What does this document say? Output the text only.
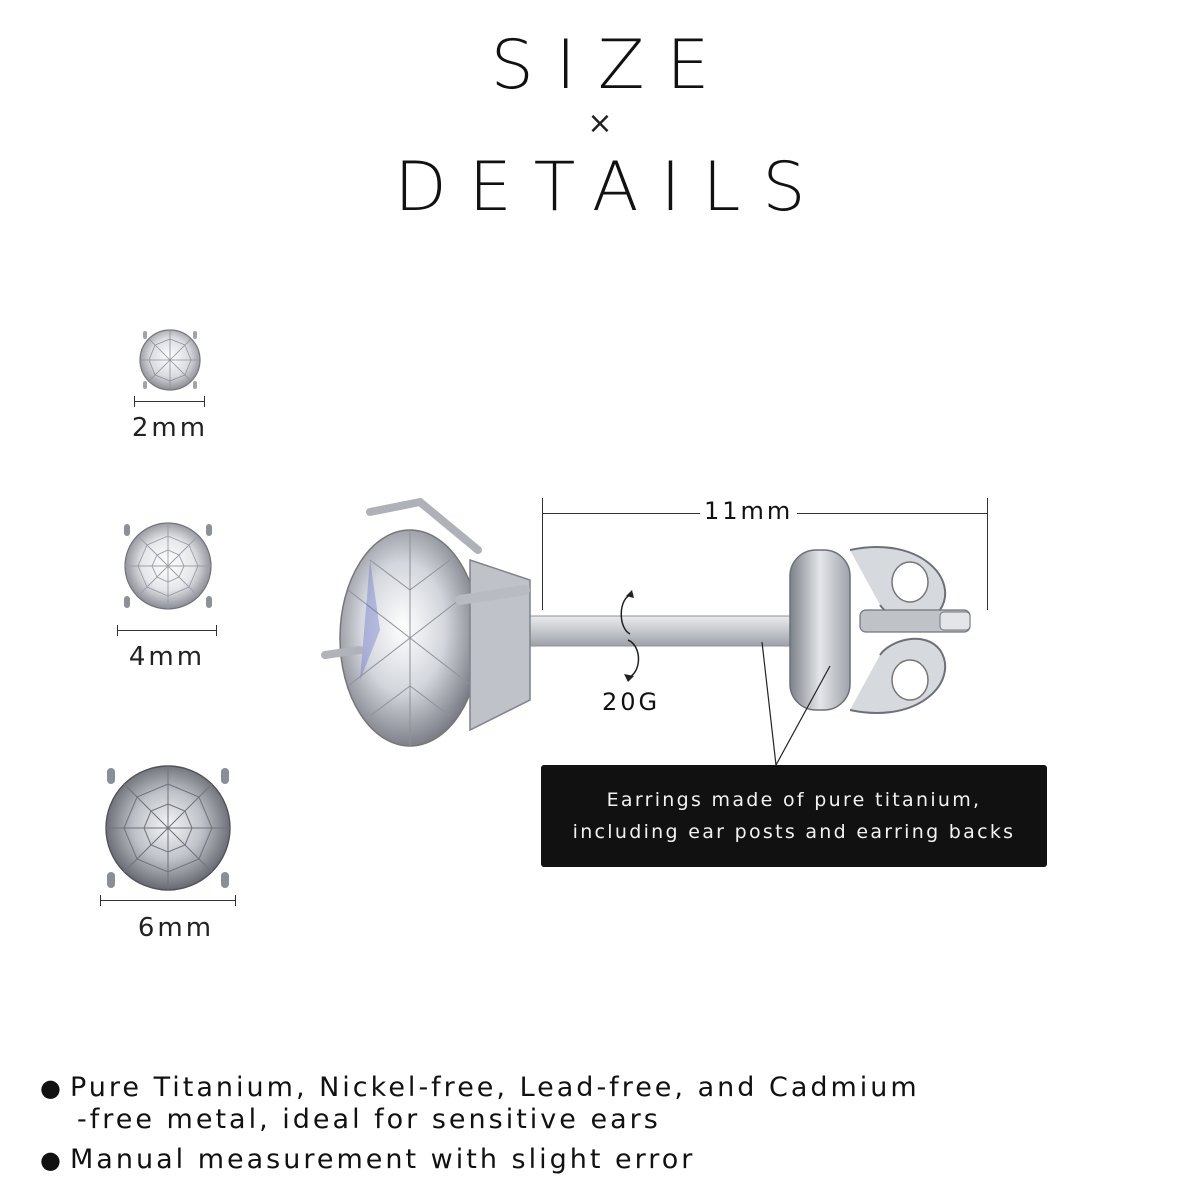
SIZE
×
DETAILS
2mm
4mm
6mm
11mm
20G
Earrings made of pure titanium,
including ear posts and earring backs
● Pure Titanium, Nickel-free, Lead-free, and Cadmium
-free metal, ideal for sensitive ears
● Manual measurement with slight error
